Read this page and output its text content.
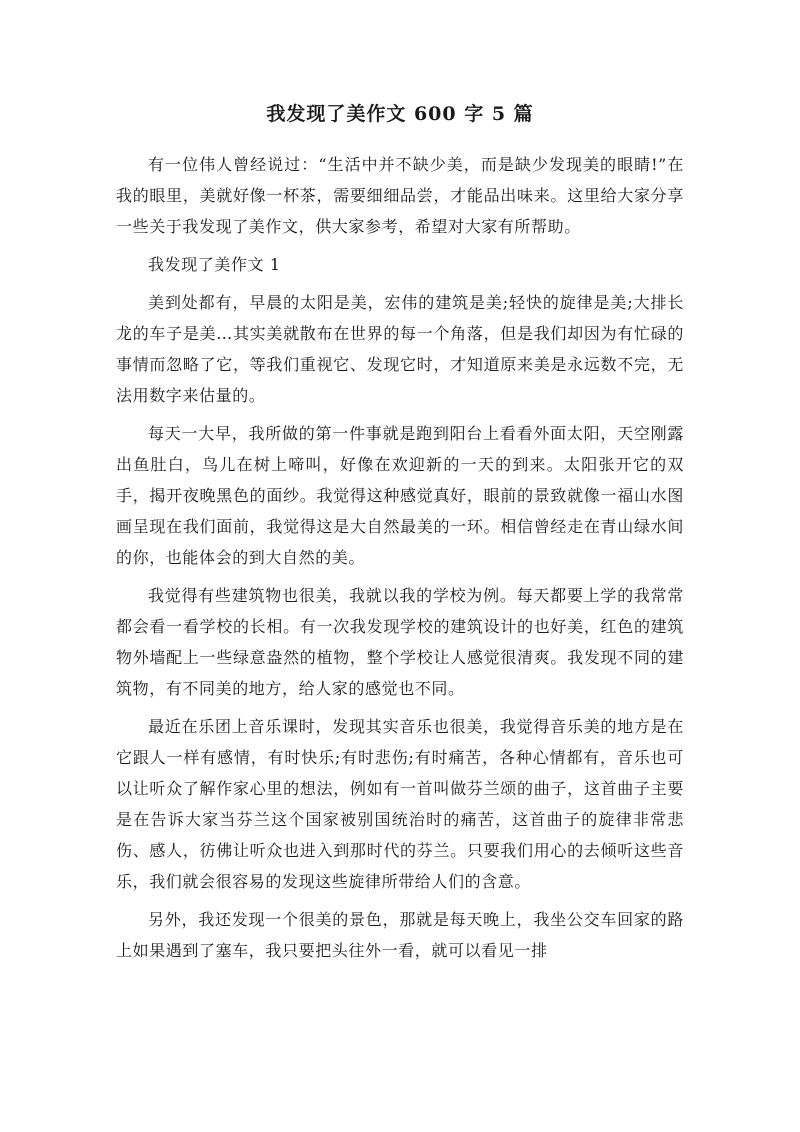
我发现了美作文 600 字 5 篇
有一位伟人曾经说过：“生活中并不缺少美，而是缺少发现美的眼睛!”在我的眼里，美就好像一杯茶，需要细细品尝，才能品出味来。这里给大家分享一些关于我发现了美作文，供大家参考，希望对大家有所帮助。
我发现了美作文 1
美到处都有，早晨的太阳是美，宏伟的建筑是美;轻快的旋律是美;大排长龙的车子是美…其实美就散布在世界的每一个角落，但是我们却因为有忙碌的事情而忽略了它，等我们重视它、发现它时，才知道原来美是永远数不完，无法用数字来估量的。
每天一大早，我所做的第一件事就是跑到阳台上看看外面太阳，天空刚露出鱼肚白，鸟儿在树上啼叫，好像在欢迎新的一天的到来。太阳张开它的双手，揭开夜晚黑色的面纱。我觉得这种感觉真好，眼前的景致就像一福山水图画呈现在我们面前，我觉得这是大自然最美的一环。相信曾经走在青山绿水间的你，也能体会的到大自然的美。
我觉得有些建筑物也很美，我就以我的学校为例。每天都要上学的我常常都会看一看学校的长相。有一次我发现学校的建筑设计的也好美，红色的建筑物外墙配上一些绿意盎然的植物，整个学校让人感觉很清爽。我发现不同的建筑物，有不同美的地方，给人家的感觉也不同。
最近在乐团上音乐课时，发现其实音乐也很美，我觉得音乐美的地方是在它跟人一样有感情，有时快乐;有时悲伤;有时痛苦，各种心情都有，音乐也可以让听众了解作家心里的想法，例如有一首叫做芬兰颂的曲子，这首曲子主要是在告诉大家当芬兰这个国家被别国统治时的痛苦，这首曲子的旋律非常悲伤、感人，彷佛让听众也进入到那时代的芬兰。只要我们用心的去倾听这些音乐，我们就会很容易的发现这些旋律所带给人们的含意。
另外，我还发现一个很美的景色，那就是每天晚上，我坐公交车回家的路上如果遇到了塞车，我只要把头往外一看，就可以看见一排
